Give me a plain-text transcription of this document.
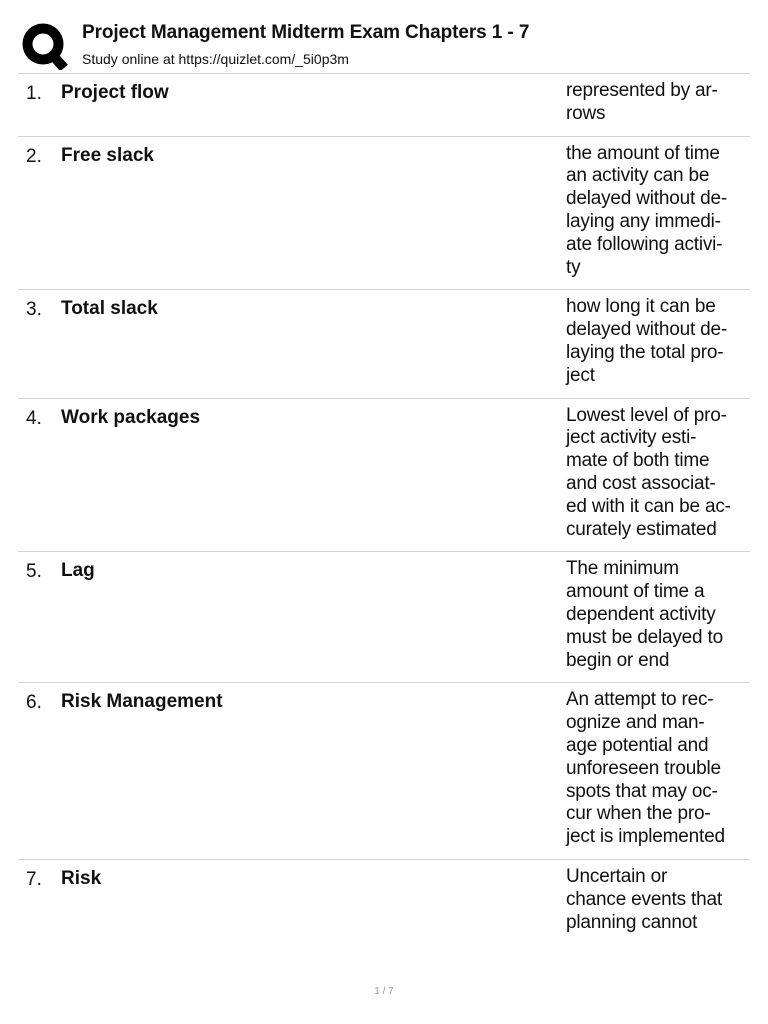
Project Management Midterm Exam Chapters 1 - 7
Study online at https://quizlet.com/_5i0p3m
1. Project flow	represented by ar-
rows
2. Free slack	the amount of time
an activity can be
delayed without de-
laying any immedi-
ate following activi-
ty
3. Total slack	how long it can be
delayed without de-
laying the total pro-
ject
4. Work packages	Lowest level of pro-
ject activity esti-
mate of both time
and cost associat-
ed with it can be ac-
curately estimated
5. Lag	The minimum
amount of time a
dependent activity
must be delayed to
begin or end
6. Risk Management	An attempt to rec-
ognize and man-
age potential and
unforeseen trouble
spots that may oc-
cur when the pro-
ject is implemented
7. Risk	Uncertain or
chance events that
planning cannot
1 / 7
